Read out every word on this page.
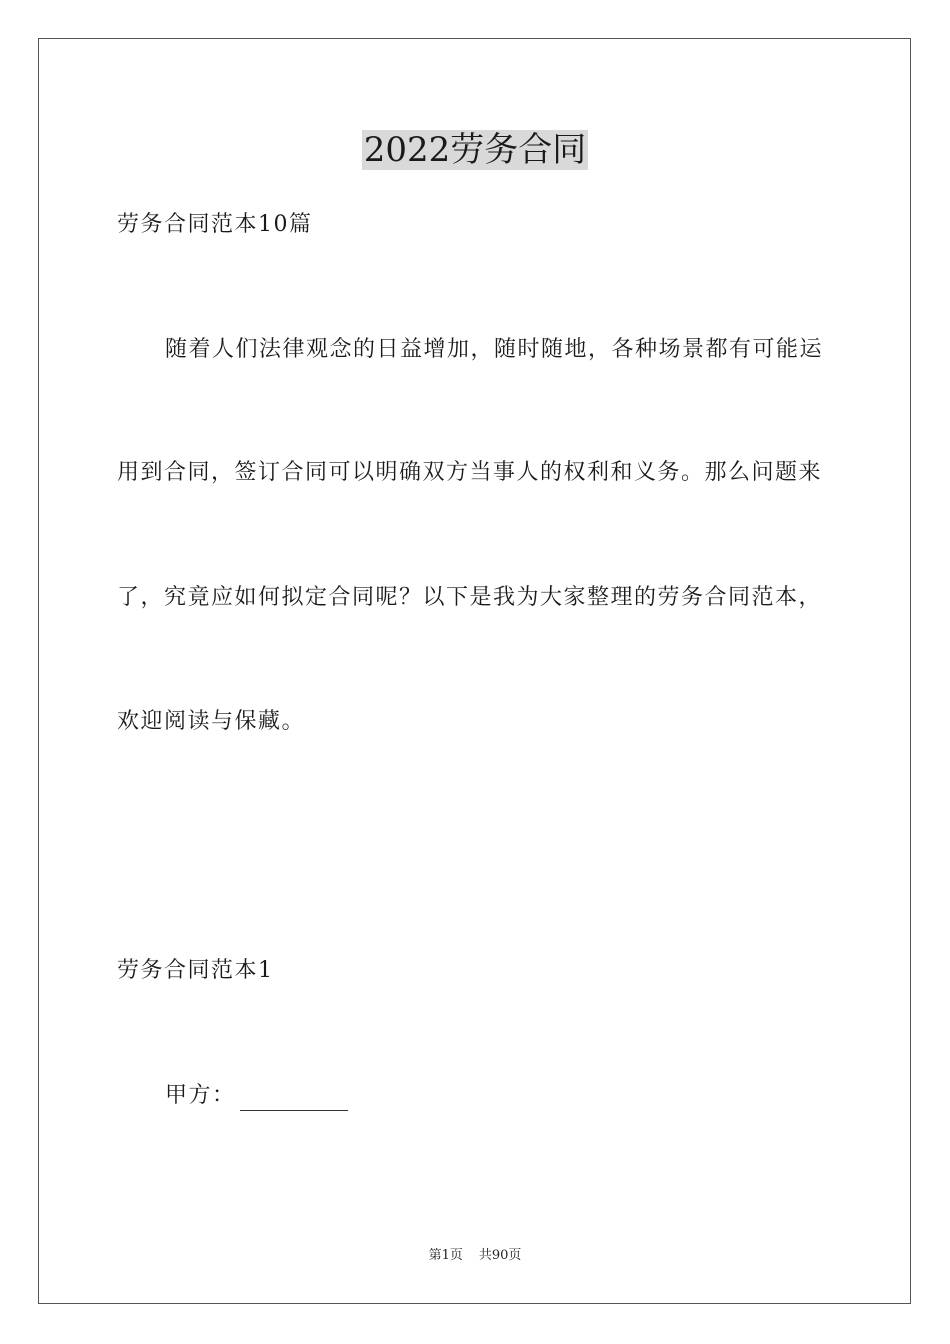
2022劳务合同
劳务合同范本10篇
随着人们法律观念的日益增加，随时随地，各种场景都有可能运
用到合同，签订合同可以明确双方当事人的权利和义务。那么问题来
了，究竟应如何拟定合同呢？以下是我为大家整理的劳务合同范本，
欢迎阅读与保藏。
劳务合同范本1
甲方：
第1页 共90页
